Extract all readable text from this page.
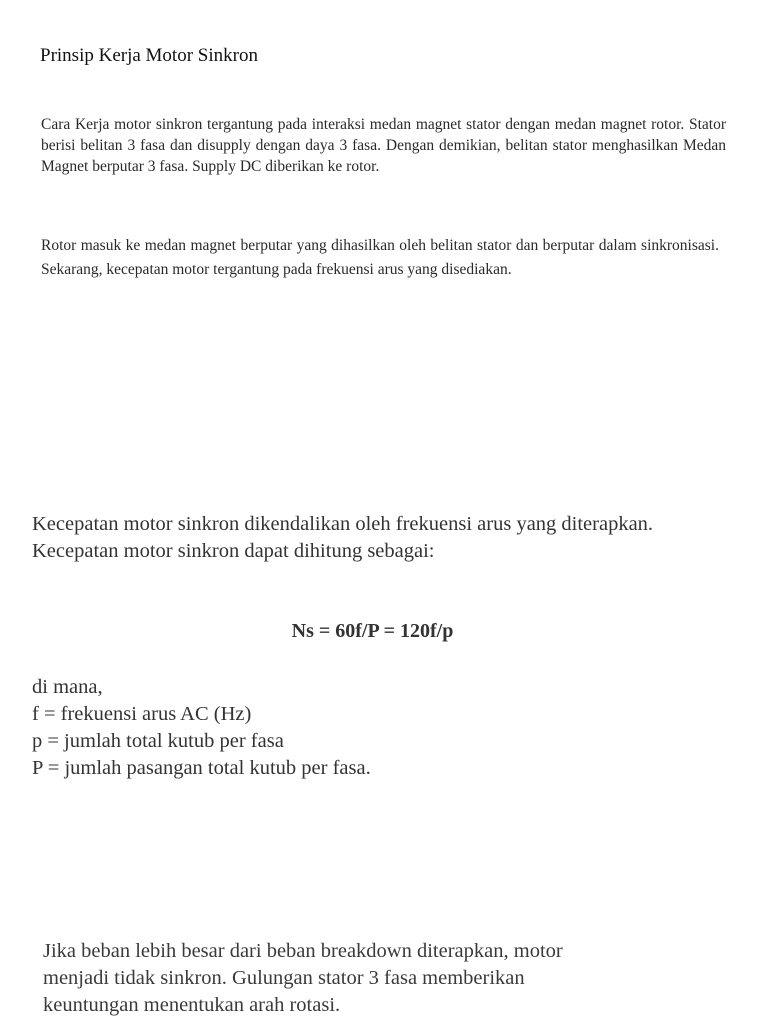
Prinsip Kerja Motor Sinkron

Cara Kerja motor sinkron tergantung pada interaksi medan magnet stator dengan medan magnet rotor. Stator berisi belitan 3 fasa dan disupply dengan daya 3 fasa. Dengan demikian, belitan stator menghasilkan Medan Magnet berputar 3 fasa. Supply DC diberikan ke rotor.

Rotor masuk ke medan magnet berputar yang dihasilkan oleh belitan stator dan berputar dalam sinkronisasi. Sekarang, kecepatan motor tergantung pada frekuensi arus yang disediakan.

Kecepatan motor sinkron dikendalikan oleh frekuensi arus yang diterapkan.
Kecepatan motor sinkron dapat dihitung sebagai:
Ns = 60f/P = 120f/p
di mana,
f = frekuensi arus AC (Hz)
p = jumlah total kutub per fasa
P = jumlah pasangan total kutub per fasa.
Jika beban lebih besar dari beban breakdown diterapkan, motor
menjadi tidak sinkron. Gulungan stator 3 fasa memberikan
keuntungan menentukan arah rotasi.
